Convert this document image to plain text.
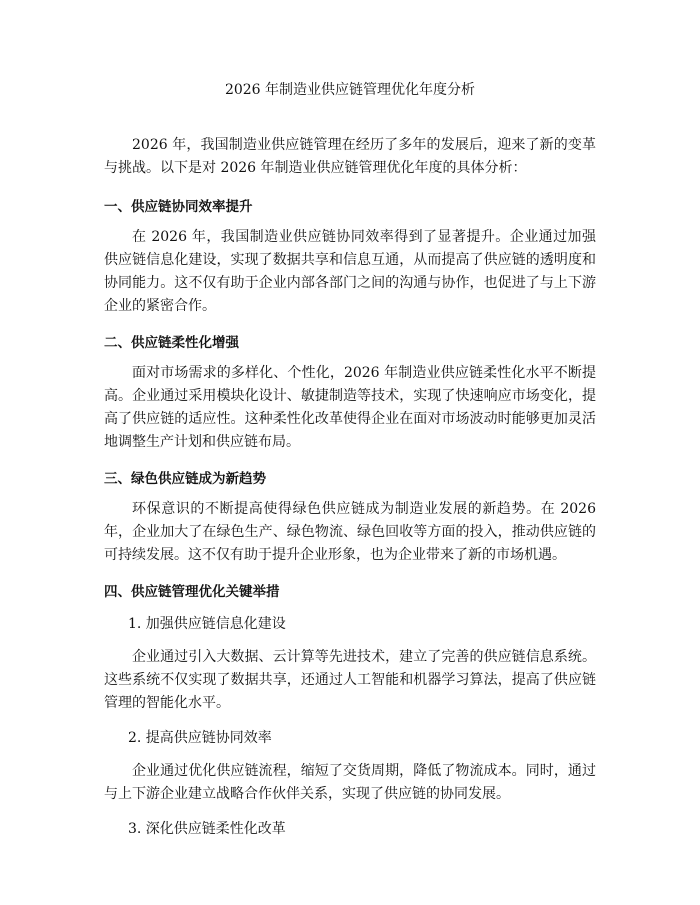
2026 年制造业供应链管理优化年度分析

2026 年，我国制造业供应链管理在经历了多年的发展后，迎来了新的变革与挑战。以下是对 2026 年制造业供应链管理优化年度的具体分析：

一、供应链协同效率提升

在 2026 年，我国制造业供应链协同效率得到了显著提升。企业通过加强供应链信息化建设，实现了数据共享和信息互通，从而提高了供应链的透明度和协同能力。这不仅有助于企业内部各部门之间的沟通与协作，也促进了与上下游企业的紧密合作。

二、供应链柔性化增强

面对市场需求的多样化、个性化，2026 年制造业供应链柔性化水平不断提高。企业通过采用模块化设计、敏捷制造等技术，实现了快速响应市场变化，提高了供应链的适应性。这种柔性化改革使得企业在面对市场波动时能够更加灵活地调整生产计划和供应链布局。

三、绿色供应链成为新趋势

环保意识的不断提高使得绿色供应链成为制造业发展的新趋势。在 2026 年，企业加大了在绿色生产、绿色物流、绿色回收等方面的投入，推动供应链的可持续发展。这不仅有助于提升企业形象，也为企业带来了新的市场机遇。

四、供应链管理优化关键举措
1. 加强供应链信息化建设

企业通过引入大数据、云计算等先进技术，建立了完善的供应链信息系统。这些系统不仅实现了数据共享，还通过人工智能和机器学习算法，提高了供应链管理的智能化水平。

2. 提高供应链协同效率

企业通过优化供应链流程，缩短了交货周期，降低了物流成本。同时，通过与上下游企业建立战略合作伙伴关系，实现了供应链的协同发展。

3. 深化供应链柔性化改革
